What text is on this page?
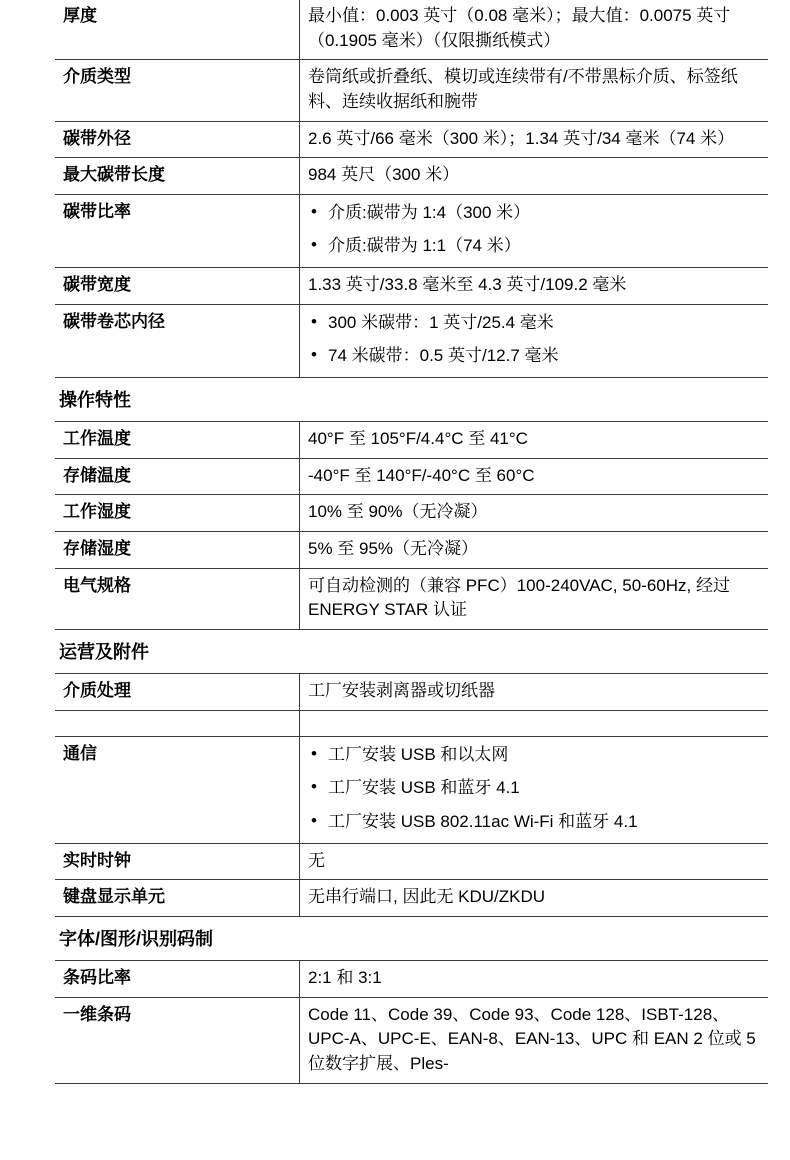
厚度	最小值：0.003 英寸（0.08 毫米）；最大值：0.0075 英寸（0.1905 毫米）（仅限撕纸模式）
介质类型	卷筒纸或折叠纸、模切或连续带有/不带黑标介质、标签纸料、连续收据纸和腕带
碳带外径	2.6 英寸/66 毫米（300 米）；1.34 英寸/34 毫米（74 米）
最大碳带长度	984 英尺（300 米）
碳带比率	
•介质:碳带为 1:4（300 米）
• 介质:碳带为 1:1（74 米）

碳带宽度	1.33 英寸/33.8 毫米至 4.3 英寸/109.2 毫米
碳带卷芯内径	
•300 米碳带：1 英寸/25.4 毫米
• 74 米碳带：0.5 英寸/12.7 毫米

操作特性	
工作温度	40°F 至 105°F/4.4°C 至 41°C
存储温度	-40°F 至 140°F/-40°C 至 60°C
工作湿度	10% 至 90%（无冷凝）
存储湿度	5% 至 95%（无冷凝）
电气规格	可自动检测的（兼容 PFC）100-240VAC, 50-60Hz, 经过 ENERGY STAR 认证
运营及附件	
介质处理	工厂安装剥离器或切纸器

通信	
•工厂安装 USB 和以太网
• 工厂安装 USB 和蓝牙 4.1
• 工厂安装 USB 802.11ac Wi-Fi 和蓝牙 4.1

实时时钟	无
键盘显示单元	无串行端口, 因此无 KDU/ZKDU
字体/图形/识别码制	
条码比率	2:1 和 3:1
一维条码	Code 11、Code 39、Code 93、Code 128、ISBT-128、UPC-A、UPC-E、EAN-8、EAN-13、UPC 和 EAN 2 位或 5 位数字扩展、Ples-
